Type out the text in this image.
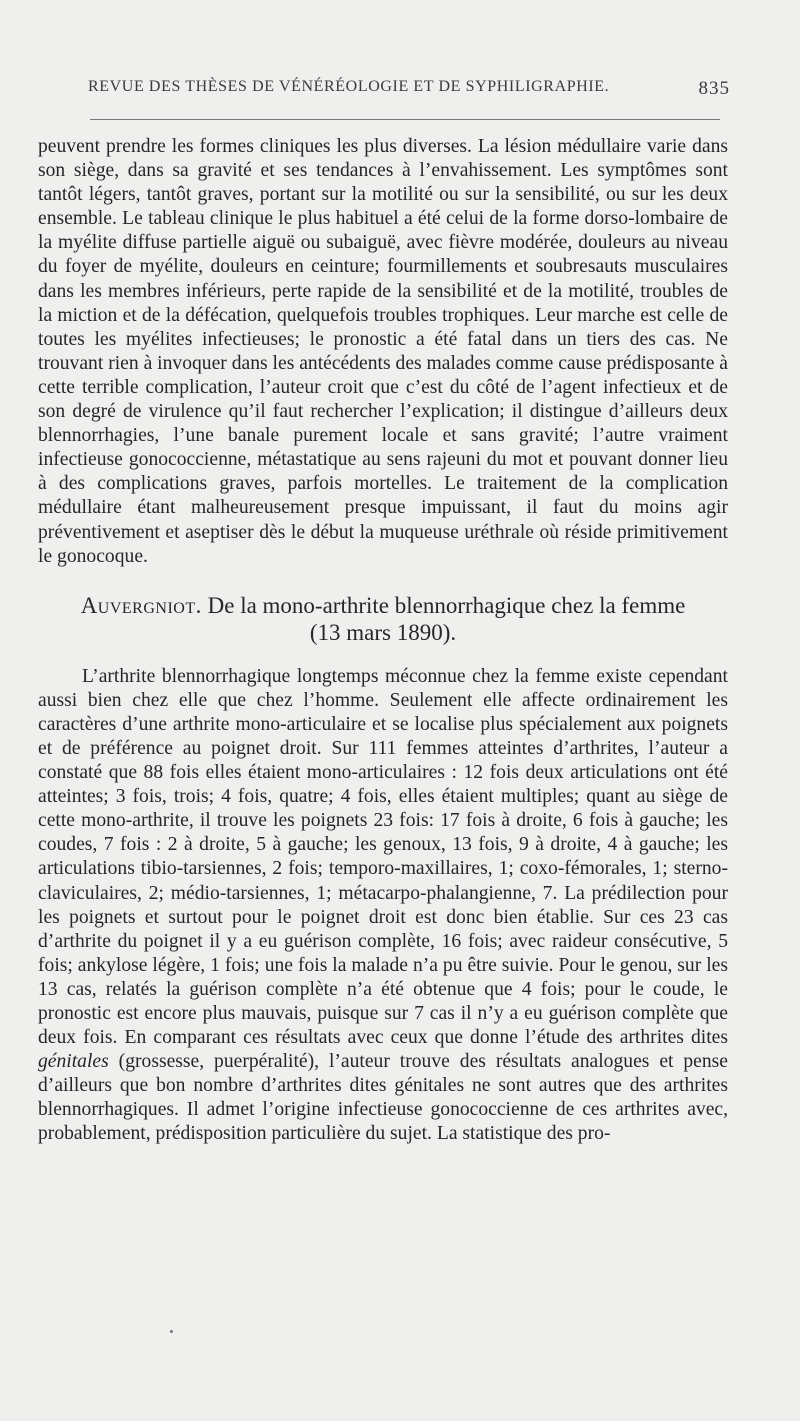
REVUE DES THÈSES DE VÉNÉRÉOLOGIE ET DE SYPHILIGRAPHIE.	835

peuvent prendre les formes cliniques les plus diverses. La lésion médullaire varie dans son siège, dans sa gravité et ses tendances à l’envahissement. Les symptômes sont tantôt légers, tantôt graves, portant sur la motilité ou sur la sensibilité, ou sur les deux ensemble. Le tableau clinique le plus habituel a été celui de la forme dorso-lombaire de la myélite diffuse partielle aiguë ou subaiguë, avec fièvre modérée, douleurs au niveau du foyer de myélite, douleurs en ceinture; fourmillements et soubresauts musculaires dans les membres inférieurs, perte rapide de la sensibilité et de la motilité, troubles de la miction et de la défécation, quelquefois troubles trophiques. Leur marche est celle de toutes les myélites infectieuses; le pronostic a été fatal dans un tiers des cas. Ne trouvant rien à invoquer dans les antécédents des malades comme cause prédisposante à cette terrible complication, l’auteur croit que c’est du côté de l’agent infectieux et de son degré de virulence qu’il faut rechercher l’explication; il distingue d’ailleurs deux blennorrhagies, l’une banale purement locale et sans gravité; l’autre vraiment infectieuse gonococcienne, métastatique au sens rajeuni du mot et pouvant donner lieu à des complications graves, parfois mortelles. Le traitement de la complication médullaire étant malheureusement presque impuissant, il faut du moins agir préventivement et aseptiser dès le début la muqueuse uréthrale où réside primitivement le gonocoque.

Auvergniot. De la mono-arthrite blennorrhagique chez la femme
(13 mars 1890).

L’arthrite blennorrhagique longtemps méconnue chez la femme existe cependant aussi bien chez elle que chez l’homme. Seulement elle affecte ordinairement les caractères d’une arthrite mono-articulaire et se localise plus spécialement aux poignets et de préférence au poignet droit. Sur 111 femmes atteintes d’arthrites, l’auteur a constaté que 88 fois elles étaient mono-articulaires : 12 fois deux articulations ont été atteintes; 3 fois, trois; 4 fois, quatre; 4 fois, elles étaient multiples; quant au siège de cette mono-arthrite, il trouve les poignets 23 fois: 17 fois à droite, 6 fois à gauche; les coudes, 7 fois : 2 à droite, 5 à gauche; les genoux, 13 fois, 9 à droite, 4 à gauche; les articulations tibio-tarsiennes, 2 fois; temporo-maxillaires, 1; coxo-fémorales, 1; sterno-claviculaires, 2; médio-tarsiennes, 1; métacarpo-phalangienne, 7. La prédilection pour les poignets et surtout pour le poignet droit est donc bien établie. Sur ces 23 cas d’arthrite du poignet il y a eu guérison complète, 16 fois; avec raideur consécutive, 5 fois; ankylose légère, 1 fois; une fois la malade n’a pu être suivie. Pour le genou, sur les 13 cas, relatés la guérison complète n’a été obtenue que 4 fois; pour le coude, le pronostic est encore plus mauvais, puisque sur 7 cas il n’y a eu guérison complète que deux fois. En comparant ces résultats avec ceux que donne l’étude des arthrites dites génitales (grossesse, puerpéralité), l’auteur trouve des résultats analogues et pense d’ailleurs que bon nombre d’arthrites dites génitales ne sont autres que des arthrites blennorrhagiques. Il admet l’origine infectieuse gonococcienne de ces arthrites avec, probablement, prédisposition particulière du sujet. La statistique des pro-
